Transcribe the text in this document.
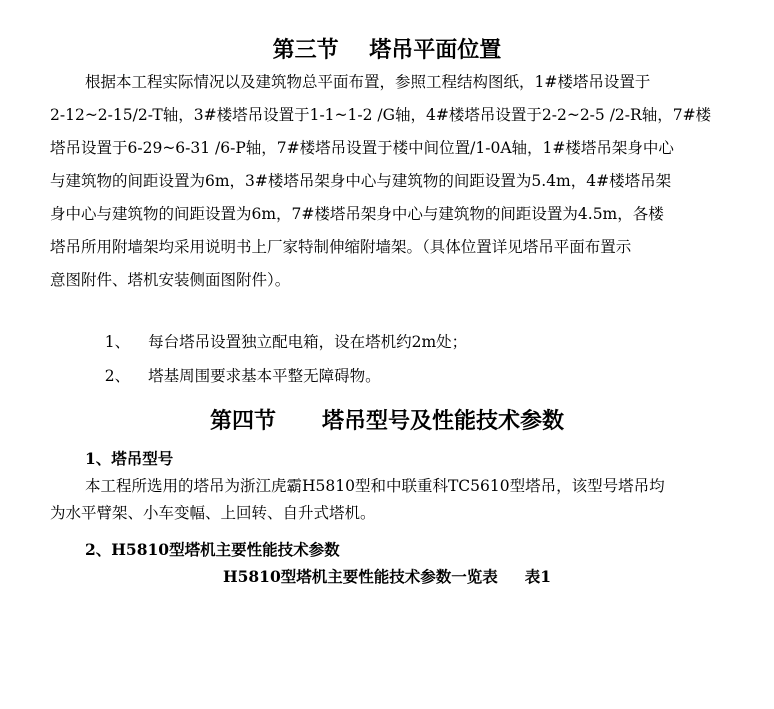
第三节    塔吊平面位置
根据本工程实际情况以及建筑物总平面布置，参照工程结构图纸，1#楼塔吊设置于
2-12~2-15/2-T轴，3#楼塔吊设置于1-1~1-2 /G轴，4#楼塔吊设置于2-2~2-5 /2-R轴，7#楼
塔吊设置于6-29~6-31 /6-P轴，7#楼塔吊设置于楼中间位置/1-0A轴，1#楼塔吊架身中心
与建筑物的间距设置为6m，3#楼塔吊架身中心与建筑物的间距设置为5.4m，4#楼塔吊架
身中心与建筑物的间距设置为6m，7#楼塔吊架身中心与建筑物的间距设置为4.5m，各楼
塔吊所用附墙架均采用说明书上厂家特制伸缩附墙架。（具体位置详见塔吊平面布置示
意图附件、塔机安装侧面图附件）。

1、 每台塔吊设置独立配电箱，设在塔机约2m处；

2、 塔基周围要求基本平整无障碍物。

第四节      塔吊型号及性能技术参数
1、塔吊型号
本工程所选用的塔吊为浙江虎霸H5810型和中联重科TC5610型塔吊，该型号塔吊均
为水平臂架、小车变幅、上回转、自升式塔机。
2、H5810型塔机主要性能技术参数
H5810型塔机主要性能技术参数一览表     表1
